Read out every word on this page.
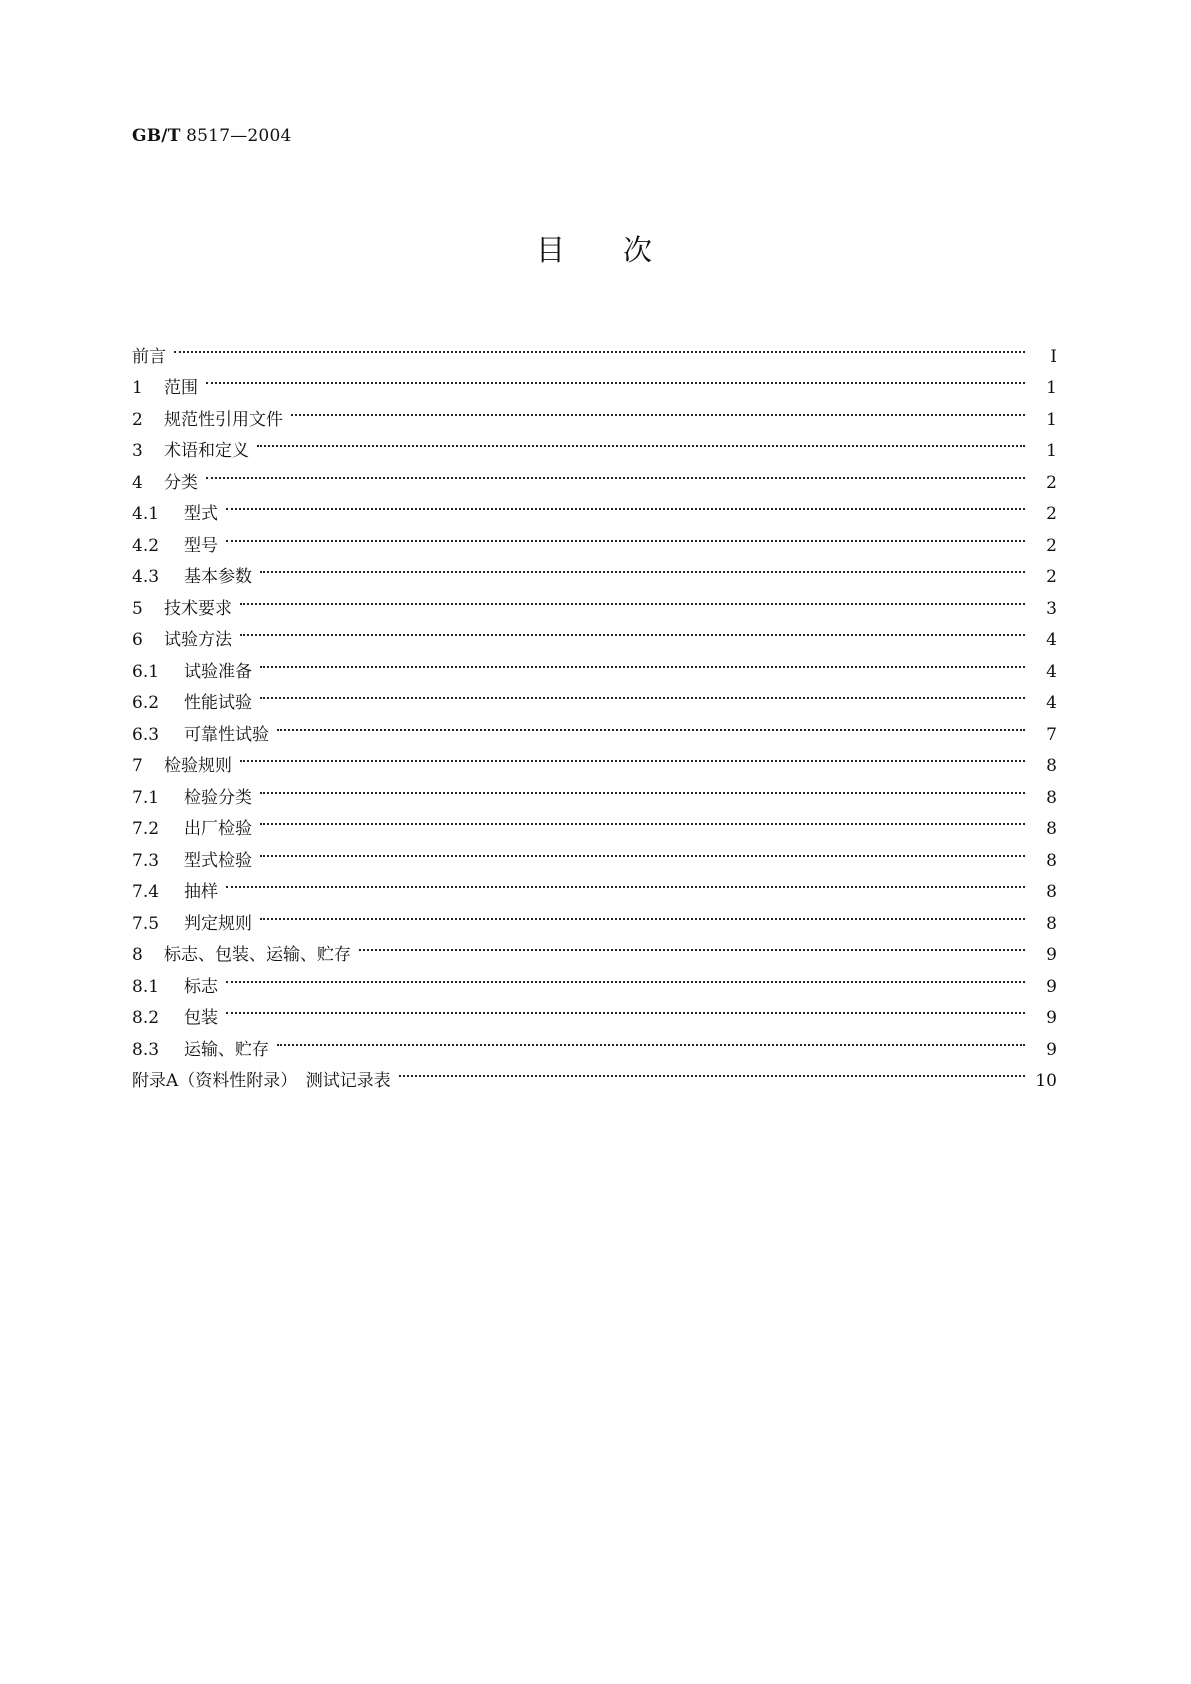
GB/T 8517—2004
目次
前言	I
1	范围	1
2	规范性引用文件	1
3	术语和定义	1
4	分类	2
4.1	型式	2
4.2	型号	2
4.3	基本参数	2
5	技术要求	3
6	试验方法	4
6.1	试验准备	4
6.2	性能试验	4
6.3	可靠性试验	7
7	检验规则	8
7.1	检验分类	8
7.2	出厂检验	8
7.3	型式检验	8
7.4	抽样	8
7.5	判定规则	8
8	标志、包装、运输、贮存	9
8.1	标志	9
8.2	包装	9
8.3	运输、贮存	9
附录A（资料性附录）　测试记录表	10
